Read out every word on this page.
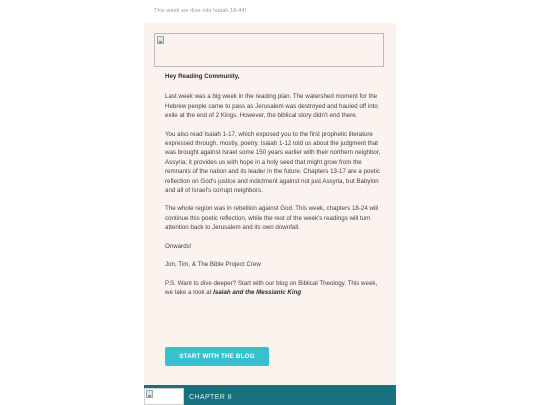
This week we dive into Isaiah 18-44!

Hey Reading Community,

Last week was a big week in the reading plan. The watershed moment for the Hebrew people came to pass as Jerusalem was destroyed and hauled off into exile at the end of 2 Kings. However, the biblical story didn't end there.

You also read Isaiah 1-17, which exposed you to the first prophetic literature expressed through, mostly, poetry. Isaiah 1-12 told us about the judgment that was brought against Israel some 150 years earlier with their northern neighbor, Assyria; it provides us with hope in a holy seed that might grow from the remnants of the nation and its leader in the future. Chapters 13-17 are a poetic reflection on God's justice and indictment against not just Assyria, but Babylon and all of Israel's corrupt neighbors.

The whole region was in rebellion against God. This week, chapters 18-24 will continue this poetic reflection, while the rest of the week's readings will turn attention back to Jerusalem and its own downfall.

Onwards!

Jon, Tim, & The Bible Project Crew

P.S. Want to dive deeper? Start with our blog on Biblical Theology. This week, we take a look at Isaiah and the Messianic King

START WITH THE BLOG
CHAPTER 8
